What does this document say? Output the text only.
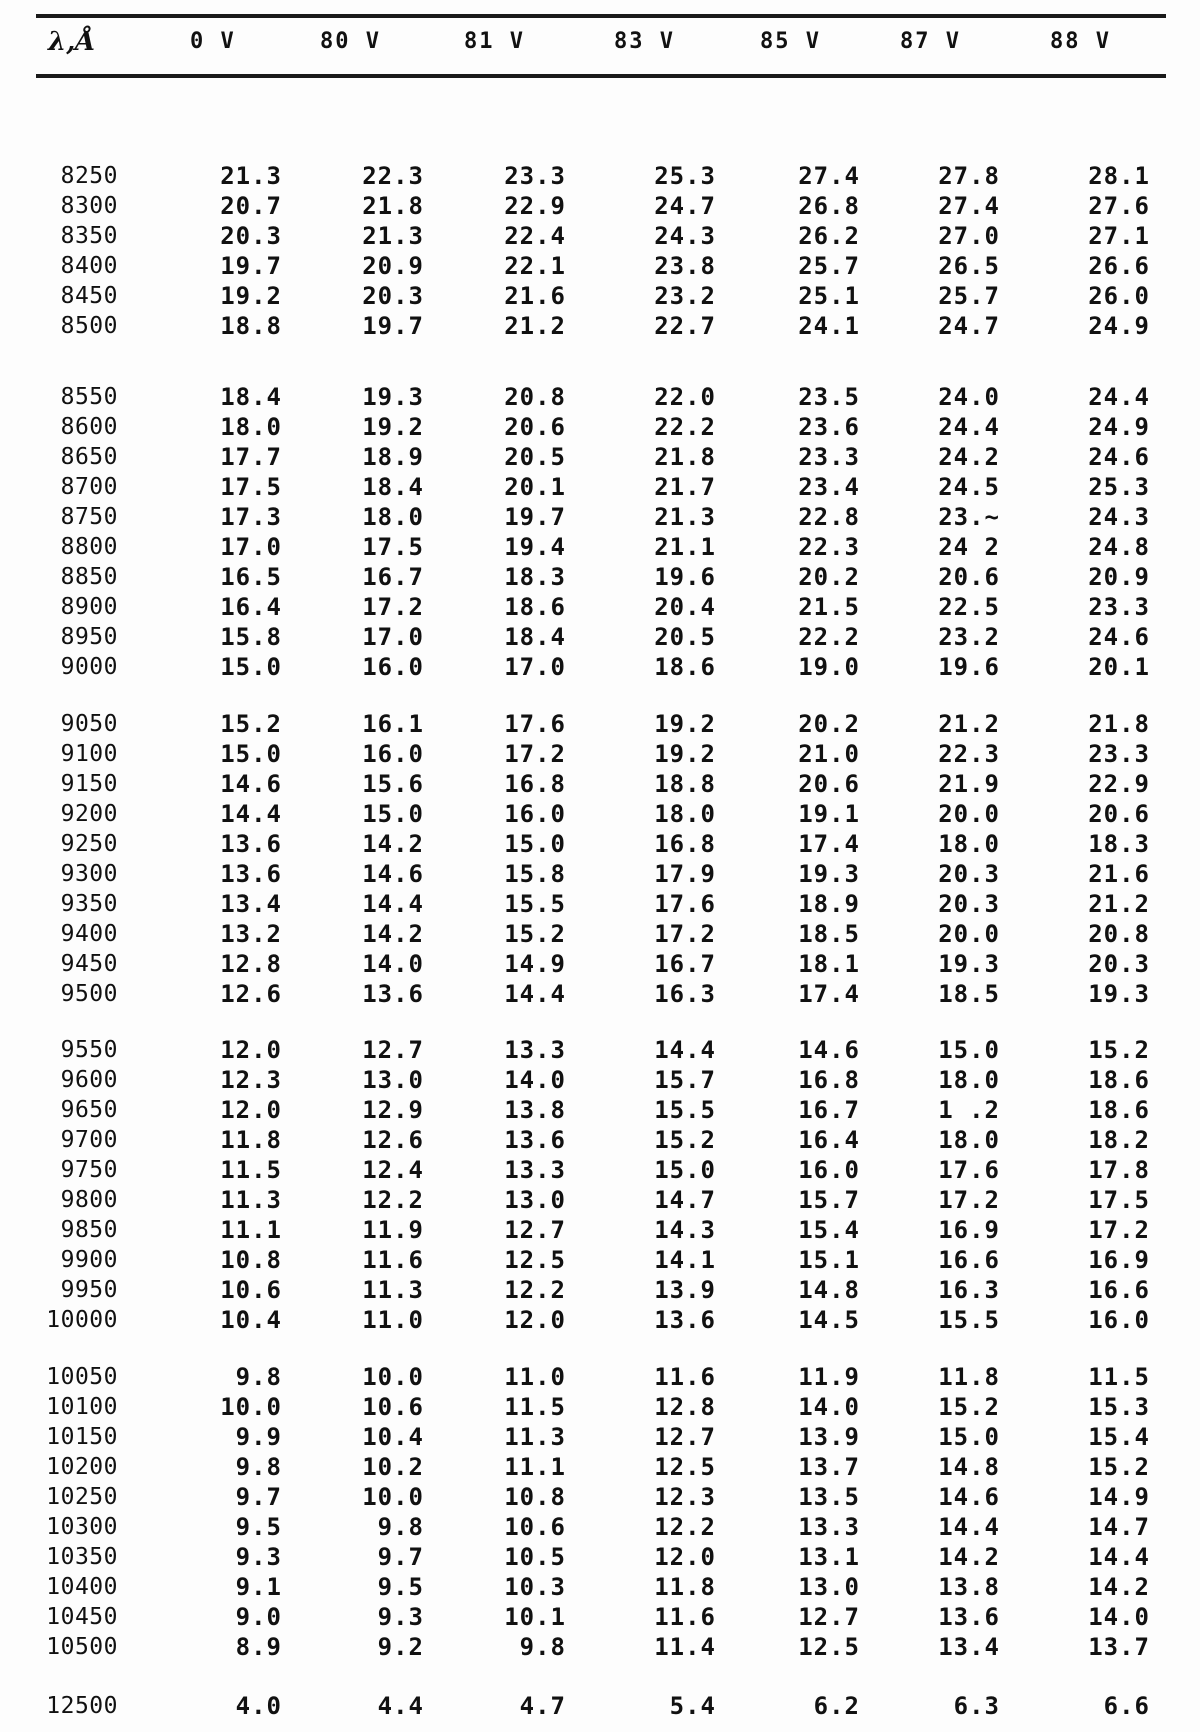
λ,Å	0 V	80 V	81 V	83 V	85 V	87 V	88 V
8250	21.3	22.3	23.3	25.3	27.4	27.8	28.1
8300	20.7	21.8	22.9	24.7	26.8	27.4	27.6
8350	20.3	21.3	22.4	24.3	26.2	27.0	27.1
8400	19.7	20.9	22.1	23.8	25.7	26.5	26.6
8450	19.2	20.3	21.6	23.2	25.1	25.7	26.0
8500	18.8	19.7	21.2	22.7	24.1	24.7	24.9
8550	18.4	19.3	20.8	22.0	23.5	24.0	24.4
8600	18.0	19.2	20.6	22.2	23.6	24.4	24.9
8650	17.7	18.9	20.5	21.8	23.3	24.2	24.6
8700	17.5	18.4	20.1	21.7	23.4	24.5	25.3
8750	17.3	18.0	19.7	21.3	22.8	23.~	24.3
8800	17.0	17.5	19.4	21.1	22.3	24 2	24.8
8850	16.5	16.7	18.3	19.6	20.2	20.6	20.9
8900	16.4	17.2	18.6	20.4	21.5	22.5	23.3
8950	15.8	17.0	18.4	20.5	22.2	23.2	24.6
9000	15.0	16.0	17.0	18.6	19.0	19.6	20.1
9050	15.2	16.1	17.6	19.2	20.2	21.2	21.8
9100	15.0	16.0	17.2	19.2	21.0	22.3	23.3
9150	14.6	15.6	16.8	18.8	20.6	21.9	22.9
9200	14.4	15.0	16.0	18.0	19.1	20.0	20.6
9250	13.6	14.2	15.0	16.8	17.4	18.0	18.3
9300	13.6	14.6	15.8	17.9	19.3	20.3	21.6
9350	13.4	14.4	15.5	17.6	18.9	20.3	21.2
9400	13.2	14.2	15.2	17.2	18.5	20.0	20.8
9450	12.8	14.0	14.9	16.7	18.1	19.3	20.3
9500	12.6	13.6	14.4	16.3	17.4	18.5	19.3
9550	12.0	12.7	13.3	14.4	14.6	15.0	15.2
9600	12.3	13.0	14.0	15.7	16.8	18.0	18.6
9650	12.0	12.9	13.8	15.5	16.7	1 .2	18.6
9700	11.8	12.6	13.6	15.2	16.4	18.0	18.2
9750	11.5	12.4	13.3	15.0	16.0	17.6	17.8
9800	11.3	12.2	13.0	14.7	15.7	17.2	17.5
9850	11.1	11.9	12.7	14.3	15.4	16.9	17.2
9900	10.8	11.6	12.5	14.1	15.1	16.6	16.9
9950	10.6	11.3	12.2	13.9	14.8	16.3	16.6
10000	10.4	11.0	12.0	13.6	14.5	15.5	16.0
10050	9.8	10.0	11.0	11.6	11.9	11.8	11.5
10100	10.0	10.6	11.5	12.8	14.0	15.2	15.3
10150	9.9	10.4	11.3	12.7	13.9	15.0	15.4
10200	9.8	10.2	11.1	12.5	13.7	14.8	15.2
10250	9.7	10.0	10.8	12.3	13.5	14.6	14.9
10300	9.5	9.8	10.6	12.2	13.3	14.4	14.7
10350	9.3	9.7	10.5	12.0	13.1	14.2	14.4
10400	9.1	9.5	10.3	11.8	13.0	13.8	14.2
10450	9.0	9.3	10.1	11.6	12.7	13.6	14.0
10500	8.9	9.2	9.8	11.4	12.5	13.4	13.7
12500	4.0	4.4	4.7	5.4	6.2	6.3	6.6
